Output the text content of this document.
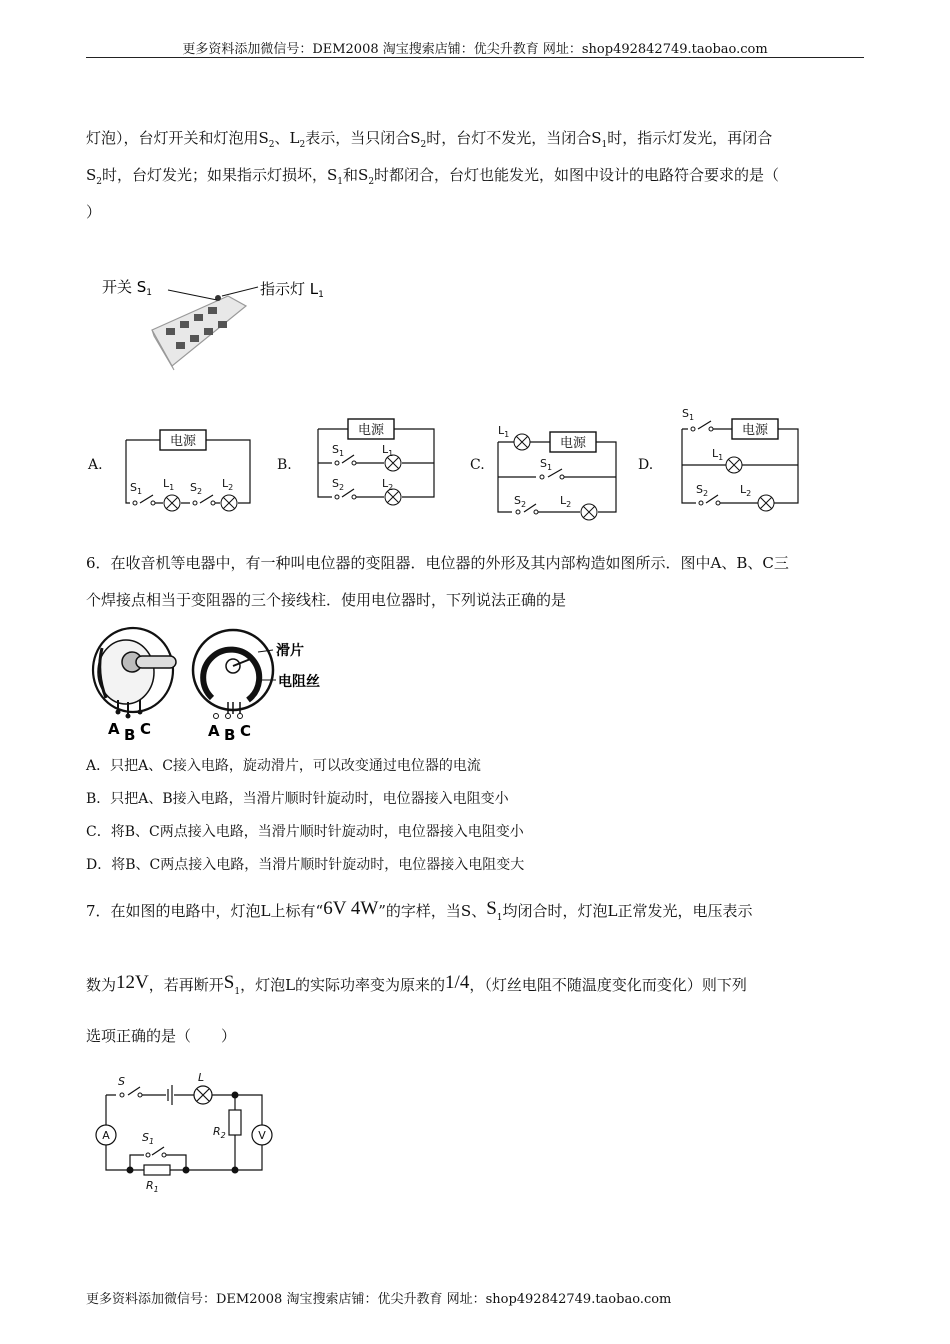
更多资料添加微信号：DEM2008 淘宝搜索店铺：优尖升教育 网址：shop492842749.taobao.com
灯泡），台灯开关和灯泡用$S_2$、$L_2$表示，当只闭合$S_2$时，台灯不发光，当闭合$S_1$时，指示灯发光，再闭合
$S_2$时，台灯发光；如果指示灯损坏，$S_1$和$S_2$时都闭合，台灯也能发光，如图中设计的电路符合要求的是（
）
开关 $S_1$	指示灯 $L_1$
A.	B.	C.	D.
电源
$S_1$
$L_1$ $S_2$
$L_2$
电源
$S_1$	$L_1$
$S_2$	$L_2$
电源
$L_1$
$S_1$
$S_2$	$L_2$
电源
$S_1$
$L_1$
$S_2$	$L_2$
6．在收音机等电器中，有一种叫电位器的变阻器．电位器的外形及其内部构造如图所示．图中A、B、C三
个焊接点相当于变阻器的三个接线柱．使用电位器时，下列说法正确的是
滑片
电阻丝
A B C	A B C
A．只把A、C接入电路，旋动滑片，可以改变通过电位器的电流
B．只把A、B接入电路，当滑片顺时针旋动时，电位器接入电阻变小
C．将B、C两点接入电路，当滑片顺时针旋动时，电位器接入电阻变小
D．将B、C两点接入电路，当滑片顺时针旋动时，电位器接入电阻变大
7．在如图的电路中，灯泡L上标有“6V 4W”的字样，当S、$S_1$均闭合时，灯泡L正常发光，电压表示
数为12V，若再断开$S_1$，灯泡L的实际功率变为原来的1/4，（灯丝电阻不随温度变化而变化）则下列
选项正确的是（　　）
A	V
S	L
$S_1$
$R_2$
$R_1$
更多资料添加微信号：DEM2008 淘宝搜索店铺：优尖升教育 网址：shop492842749.taobao.com
